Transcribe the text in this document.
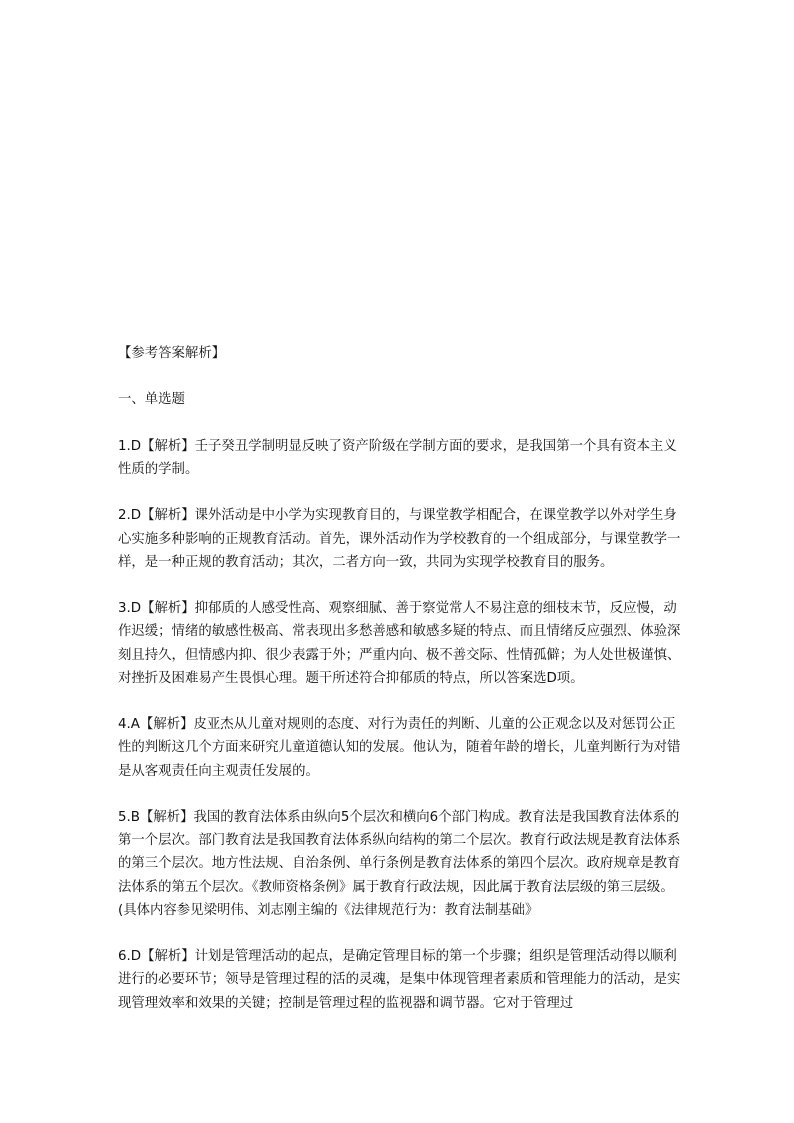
【参考答案解析】

一、单选题

1.D【解析】壬子癸丑学制明显反映了资产阶级在学制方面的要求，是我国第一个具有资本主义性质的学制。

2.D【解析】课外活动是中小学为实现教育目的，与课堂教学相配合，在课堂教学以外对学生身心实施多种影响的正规教育活动。首先，课外活动作为学校教育的一个组成部分，与课堂教学一样，是一种正规的教育活动；其次，二者方向一致，共同为实现学校教育目的服务。

3.D【解析】抑郁质的人感受性高、观察细腻、善于察觉常人不易注意的细枝末节，反应慢，动作迟缓；情绪的敏感性极高、常表现出多愁善感和敏感多疑的特点、而且情绪反应强烈、体验深刻且持久，但情感内抑、很少表露于外；严重内向、极不善交际、性情孤僻；为人处世极谨慎、对挫折及困难易产生畏惧心理。题干所述符合抑郁质的特点，所以答案选D项。

4.A【解析】皮亚杰从儿童对规则的态度、对行为责任的判断、儿童的公正观念以及对惩罚公正性的判断这几个方面来研究儿童道德认知的发展。他认为，随着年龄的增长，儿童判断行为对错是从客观责任向主观责任发展的。

5.B【解析】我国的教育法体系由纵向5个层次和横向6个部门构成。教育法是我国教育法体系的第一个层次。部门教育法是我国教育法体系纵向结构的第二个层次。教育行政法规是教育法体系的第三个层次。地方性法规、自治条例、单行条例是教育法体系的第四个层次。政府规章是教育法体系的第五个层次。《教师资格条例》属于教育行政法规，因此属于教育法层级的第三层级。(具体内容参见梁明伟、刘志刚主编的《法律规范行为：教育法制基础》

6.D【解析】计划是管理活动的起点，是确定管理目标的第一个步骤；组织是管理活动得以顺利进行的必要环节；领导是管理过程的活的灵魂，是集中体现管理者素质和管理能力的活动，是实现管理效率和效果的关键；控制是管理过程的监视器和调节器。它对于管理过
